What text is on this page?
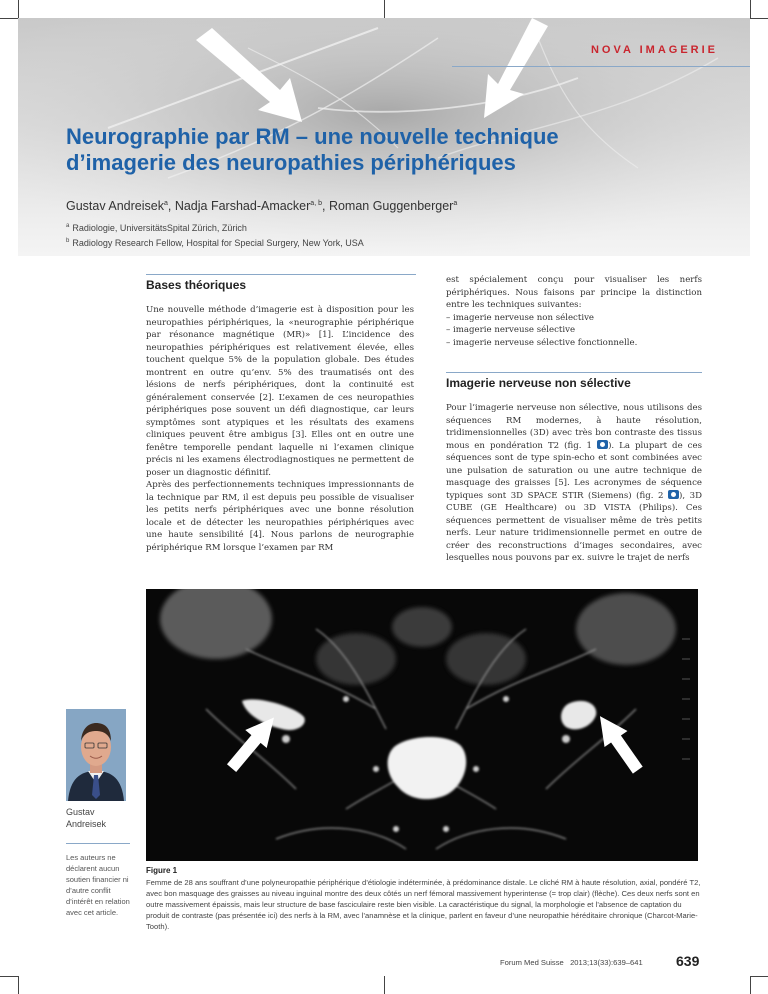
NOVA IMAGERIE
Neurographie par RM – une nouvelle technique
d’imagerie des neuropathies périphériques
Gustav Andreisek$^a$, Nadja Farshad-Amacker$^{a, b}$, Roman Guggenberger$^a$
$^a$ Radiologie, UniversitätsSpital Zürich, Zürich
$^b$ Radiology Research Fellow, Hospital for Special Surgery, New York, USA
Bases théoriques

Une nouvelle méthode d’imagerie est à disposition pour les neuropathies périphériques, la «neurographie périphérique par résonance magnétique (MR)» [1]. L’incidence des neuropathies périphériques est relativement élevée, elles touchent quelque 5% de la population globale. Des études montrent en outre qu’env. 5% des traumatisés ont des lésions de nerfs périphériques, dont la continuité est généralement conservée [2]. L’examen de ces neuropathies périphériques pose souvent un défi diagnostique, car leurs symptômes sont atypiques et les résultats des examens cliniques peuvent être ambigus [3]. Elles ont en outre une fenêtre temporelle pendant laquelle ni l’examen clinique précis ni les examens électrodiagnostiques ne permettent de poser un diagnostic définitif.

Après des perfectionnements techniques impressionnants de la technique par RM, il est depuis peu possible de visualiser les petits nerfs périphériques avec une bonne résolution locale et de détecter les neuropathies périphériques avec une haute sensibilité [4]. Nous parlons de neurographie périphérique RM lorsque l’examen par RM

est spécialement conçu pour visualiser les nerfs périphériques. Nous faisons par principe la distinction entre les techniques suivantes:

– imagerie nerveuse non sélective
– imagerie nerveuse sélective
– imagerie nerveuse sélective fonctionnelle.
Imagerie nerveuse non sélective

Pour l’imagerie nerveuse non sélective, nous utilisons des séquences RM modernes, à haute résolution, tridimensionnelles (3D) avec très bon contraste des tissus mous en pondération T2 (fig. 1 ). La plupart de ces séquences sont de type spin-echo et sont combinées avec une pulsation de saturation ou une autre technique de masquage des graisses [5]. Les acronymes de séquence typiques sont 3D SPACE STIR (Siemens) (fig. 2 ), 3D CUBE (GE Healthcare) ou 3D VISTA (Philips). Ces séquences permettent de visualiser même de très petits nerfs. Leur nature tridimensionnelle permet en outre de créer des reconstructions d’images secondaires, avec lesquelles nous pouvons par ex. suivre le trajet de nerfs

Gustav
Andreisek
Les auteurs ne déclarent aucun soutien financier ni d’autre conflit d’intérêt en relation avec cet article.
Figure 1
Femme de 28 ans souffrant d’une polyneuropathie périphérique d’étiologie indéterminée, à prédominance distale. Le cliché RM à haute résolution, axial, pondéré T2, avec bon masquage des graisses au niveau inguinal montre des deux côtés un nerf fémoral massivement hyperintense (= trop clair) (flèche). Ces deux nerfs sont en outre massivement épaissis, mais leur structure de base fasciculaire reste bien visible. La caractéristique du signal, la morphologie et l’absence de captation du produit de contraste (pas présentée ici) des nerfs à la RM, avec l’anamnèse et la clinique, parlent en faveur d’une neuropathie héréditaire chronique (Charcot-Marie-Tooth).
Forum Med Suisse 2013;13(33):639–641 639
